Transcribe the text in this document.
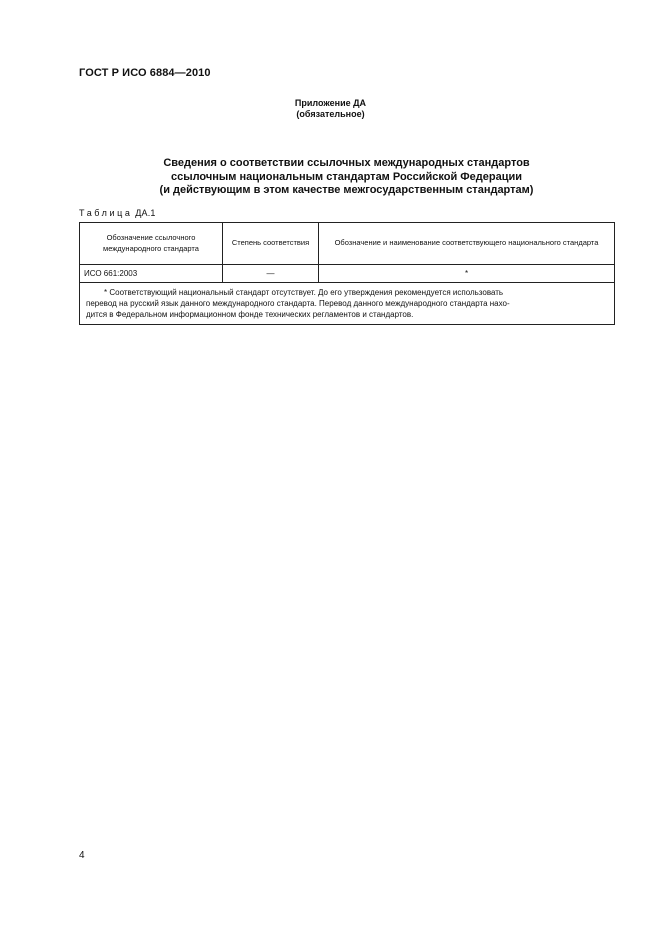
ГОСТ Р ИСО 6884—2010
Приложение ДА
(обязательное)
Сведения о соответствии ссылочных международных стандартов
ссылочным национальным стандартам Российской Федерации
(и действующим в этом качестве межгосударственным стандартам)
Таблица ДА.1
Обозначение ссылочного международного стандарта	Степень соответствия	Обозначение и наименование соответствующего национального стандарта
ИСО 661:2003	—	*

* Соответствующий национальный стандарт отсутствует. До его утверждения рекомендуется использовать
перевод на русский язык данного международного стандарта. Перевод данного международного стандарта нахо-
дится в Федеральном информационном фонде технических регламентов и стандартов.		
4
